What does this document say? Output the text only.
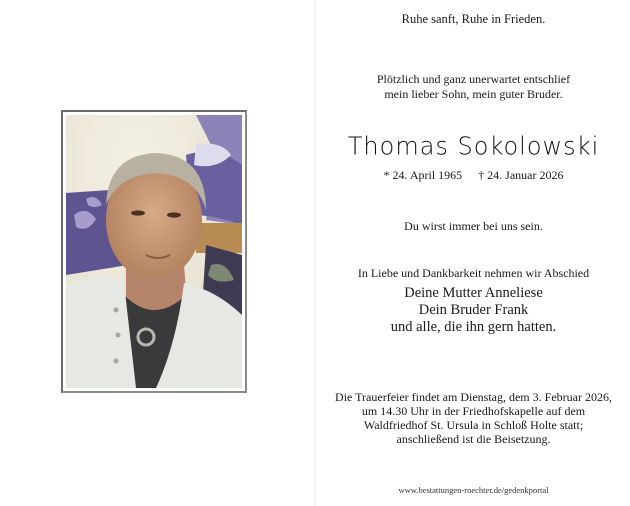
Ruhe sanft, Ruhe in Frieden.
Plötzlich und ganz unerwartet entschlief
mein lieber Sohn, mein guter Bruder.
Thomas Sokolowski
* 24. April 1965 † 24. Januar 2026
Du wirst immer bei uns sein.
In Liebe und Dankbarkeit nehmen wir Abschied
Deine Mutter Anneliese
Dein Bruder Frank
und alle, die ihn gern hatten.
Die Trauerfeier findet am Dienstag, dem 3. Februar 2026,
um 14.30 Uhr in der Friedhofskapelle auf dem
Waldfriedhof St. Ursula in Schloß Holte statt;
anschließend ist die Beisetzung.
www.bestattungen-roechter.de/gedenkportal
